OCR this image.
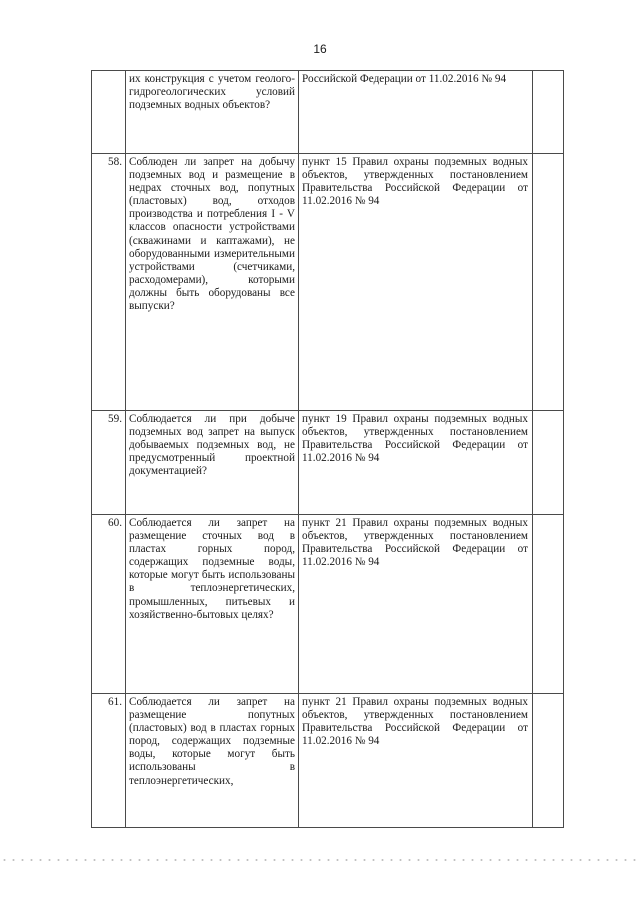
16

	их конструкция с учетом геолого-гидрогеологических условий подземных водных объектов?	Российской Федерации от 11.02.2016 № 94	

58.	Соблюден ли запрет на добычу подземных вод и размещение в недрах сточных вод, попутных (пластовых) вод, отходов производства и потребления I - V классов опасности устройствами (скважинами и каптажами), не оборудованными измерительными устройствами (счетчиками, расходомерами), которыми должны быть оборудованы все выпуски?	пункт 15 Правил охраны подземных водных объектов, утвержденных постановлением Правительства Российской Федерации от 11.02.2016 № 94	

59.	Соблюдается ли при добыче подземных вод запрет на выпуск добываемых подземных вод, не предусмотренный проектной документацией?	пункт 19 Правил охраны подземных водных объектов, утвержденных постановлением Правительства Российской Федерации от 11.02.2016 № 94	

60.	Соблюдается ли запрет на размещение сточных вод в пластах горных пород, содержащих подземные воды, которые могут быть использованы в теплоэнергетических, промышленных, питьевых и хозяйственно-бытовых целях?	пункт 21 Правил охраны подземных водных объектов, утвержденных постановлением Правительства Российской Федерации от 11.02.2016 № 94	

61.	Соблюдается ли запрет на размещение попутных (пластовых) вод в пластах горных пород, содержащих подземные воды, которые могут быть использованы в теплоэнергетических,	пункт 21 Правил охраны подземных водных объектов, утвержденных постановлением Правительства Российской Федерации от 11.02.2016 № 94	
